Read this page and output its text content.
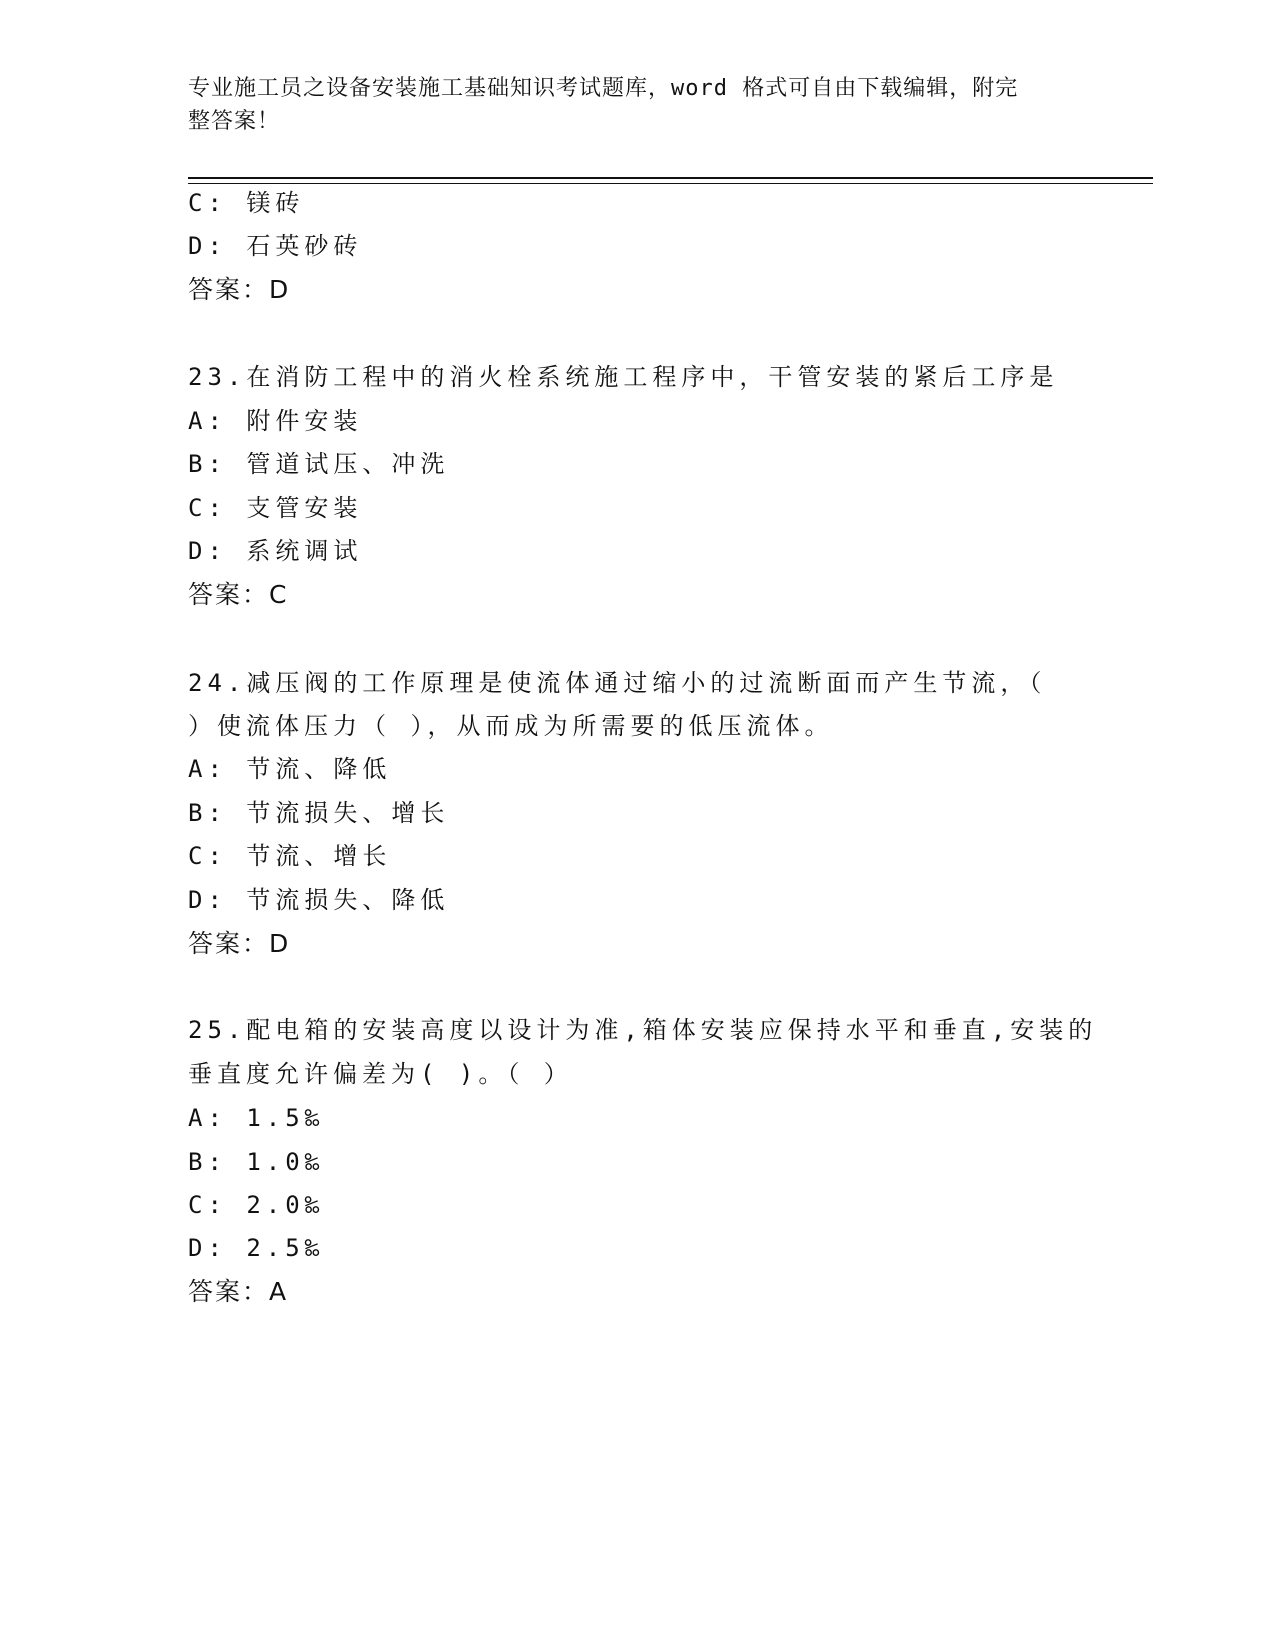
专业施工员之设备安装施工基础知识考试题库，word 格式可自由下载编辑，附完
整答案！
C: 镁砖
D: 石英砂砖
答案：D
23.在消防工程中的消火栓系统施工程序中，干管安装的紧后工序是
A: 附件安装
B: 管道试压、冲洗
C: 支管安装
D: 系统调试
答案：C
24.减压阀的工作原理是使流体通过缩小的过流断面而产生节流，（
）使流体压力（ ），从而成为所需要的低压流体。
A: 节流、降低
B: 节流损失、增长
C: 节流、增长
D: 节流损失、降低
答案：D
25.配电箱的安装高度以设计为准,箱体安装应保持水平和垂直,安装的
垂直度允许偏差为( )。（ ）
A: 1.5‰
B: 1.0‰
C: 2.0‰
D: 2.5‰
答案：A
